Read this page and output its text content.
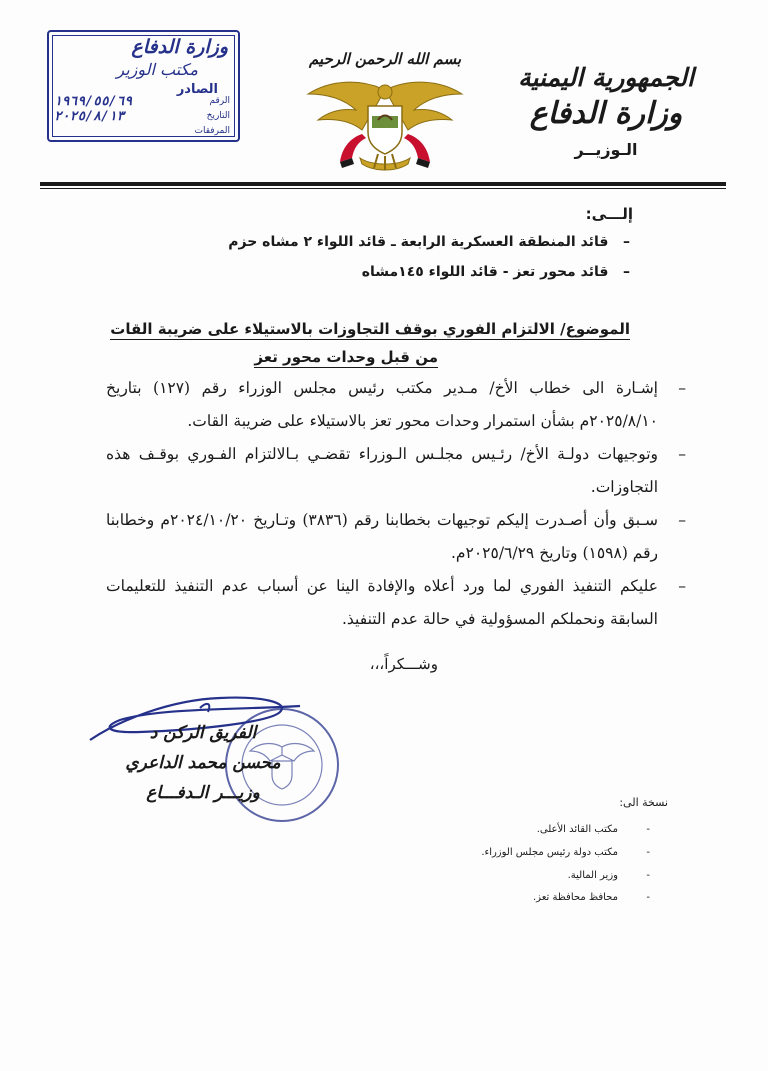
الجمهورية اليمنية
وزارة الدفاع
الـوزيــر
بسم الله الرحمن الرحيم
وزارة الدفاع
مكتب الوزير
الصادر
الرقم
١٩٦٩/٥٥/٦٩
التاريخ
٢٠٢٥/٨/١٣
المرفقات
إلـــى:
–   قائد المنطقة العسكرية الرابعة ـ قائد اللواء ٢ مشاه حزم
–   قائد محور تعز - قائد اللواء ١٤٥مشاه
الموضوع/ الالتزام الفوري بوقف التجاوزات بالاستيلاء على ضريبة القات
من قبل وحدات محور تعز

–
إشـارة الى خطاب الأخ/ مـدير مكتب رئيس مجلس الوزراء رقم (١٢٧) بتاريخ ٢٠٢٥/٨/١٠م بشأن استمرار وحدات محور تعز بالاستيلاء على ضريبة القات.

–
وتوجيهات دولـة الأخ/ رئـيس مجلـس الـوزراء تقضـي بـالالتزام الفـوري بوقـف هذه التجاوزات.

–
سـبق وأن أصـدرت إليكم توجيهات بخطابنا رقم (٣٨٣٦) وتـاريخ ٢٠٢٤/١٠/٢٠م وخطابنا رقم (١٥٩٨) وتاريخ ٢٠٢٥/٦/٢٩م.

–
عليكم التنفيذ الفوري لما ورد أعلاه والإفادة الينا عن أسباب عدم التنفيذ للتعليمات السابقة ونحملكم المسؤولية في حالة عدم التنفيذ.

وشـــكراً،،،
الفريق الركن د
محسن محمد الداعري
وزيـــر الـدفـــاع	نسخة الى:
مكتب القائد الأعلى.
مكتب دولة رئيس مجلس الوزراء.
وزير المالية.
محافظ محافظة تعز.
-
-
-
-
